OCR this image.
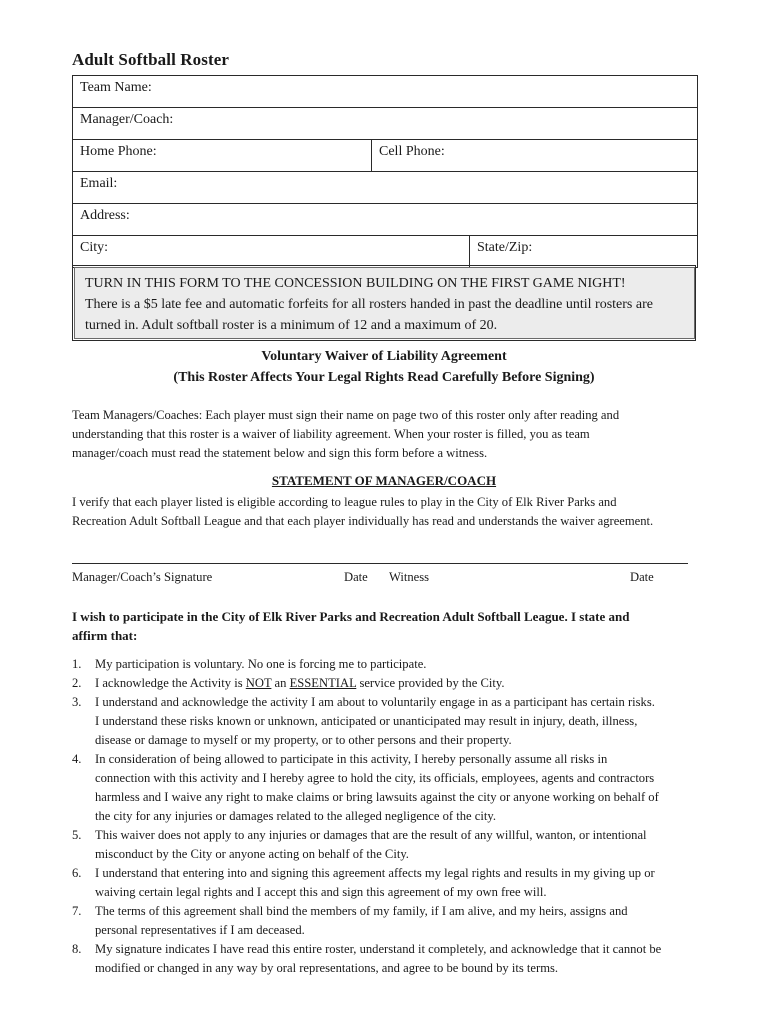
Adult Softball Roster
Team Name:
Manager/Coach:
Home Phone:	Cell Phone:
Email:
Address:
City:	State/Zip:
TURN IN THIS FORM TO THE CONCESSION BUILDING ON THE FIRST GAME NIGHT!
There is a $5 late fee and automatic forfeits for all rosters handed in past the deadline until rosters are
turned in. Adult softball roster is a minimum of 12 and a maximum of 20.
Voluntary Waiver of Liability Agreement
(This Roster Affects Your Legal Rights Read Carefully Before Signing)
Team Managers/Coaches: Each player must sign their name on page two of this roster only after reading and
understanding that this roster is a waiver of liability agreement. When your roster is filled, you as team
manager/coach must read the statement below and sign this form before a witness.
STATEMENT OF MANAGER/COACH
I verify that each player listed is eligible according to league rules to play in the City of Elk River Parks and
Recreation Adult Softball League and that each player individually has read and understands the waiver agreement.
Manager/Coach’s Signature	Date Witness	Date
I wish to participate in the City of Elk River Parks and Recreation Adult Softball League. I state and
affirm that:
1.	My participation is voluntary. No one is forcing me to participate.
2.	I acknowledge the Activity is NOT an ESSENTIAL service provided by the City.
3.	I understand and acknowledge the activity I am about to voluntarily engage in as a participant has certain risks.
I understand these risks known or unknown, anticipated or unanticipated may result in injury, death, illness,
disease or damage to myself or my property, or to other persons and their property.
4.	In consideration of being allowed to participate in this activity, I hereby personally assume all risks in
connection with this activity and I hereby agree to hold the city, its officials, employees, agents and contractors
harmless and I waive any right to make claims or bring lawsuits against the city or anyone working on behalf of
the city for any injuries or damages related to the alleged negligence of the city.
5.	This waiver does not apply to any injuries or damages that are the result of any willful, wanton, or intentional
misconduct by the City or anyone acting on behalf of the City.
6.	I understand that entering into and signing this agreement affects my legal rights and results in my giving up or
waiving certain legal rights and I accept this and sign this agreement of my own free will.
7.	The terms of this agreement shall bind the members of my family, if I am alive, and my heirs, assigns and
personal representatives if I am deceased.
8.	My signature indicates I have read this entire roster, understand it completely, and acknowledge that it cannot be
modified or changed in any way by oral representations, and agree to be bound by its terms.
